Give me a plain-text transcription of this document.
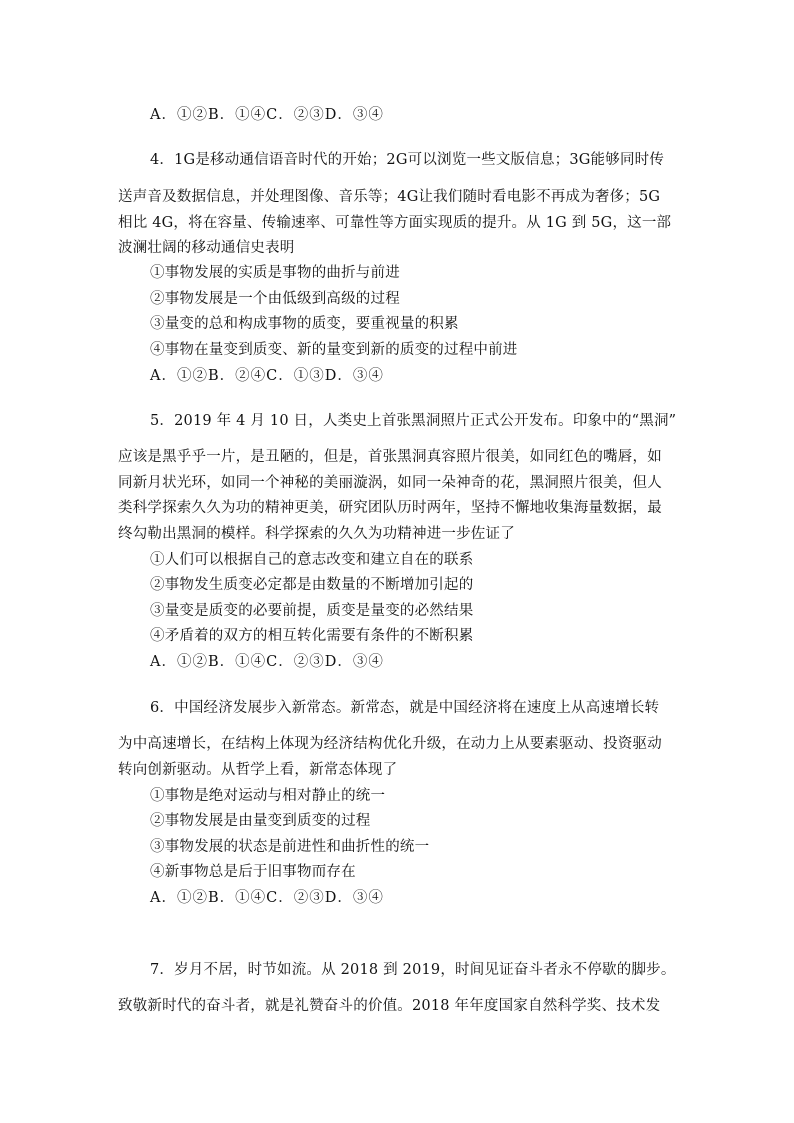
A．①②B．①④C．②③D．③④
4．1G是移动通信语音时代的开始；2G可以浏览一些文版信息；3G能够同时传
送声音及数据信息，并处理图像、音乐等；4G让我们随时看电影不再成为奢侈；5G
相比 4G，将在容量、传输速率、可靠性等方面实现质的提升。从 1G 到 5G，这一部
波澜壮阔的移动通信史表明
①事物发展的实质是事物的曲折与前进
②事物发展是一个由低级到高级的过程
③量变的总和构成事物的质变，要重视量的积累
④事物在量变到质变、新的量变到新的质变的过程中前进
A．①②B．②④C．①③D．③④
5．2019 年 4 月 10 日，人类史上首张黑洞照片正式公开发布。印象中的“黑洞”
应该是黑乎乎一片，是丑陋的，但是，首张黑洞真容照片很美，如同红色的嘴唇，如
同新月状光环，如同一个神秘的美丽漩涡，如同一朵神奇的花，黑洞照片很美，但人
类科学探索久久为功的精神更美，研究团队历时两年，坚持不懈地收集海量数据，最
终勾勒出黑洞的模样。科学探索的久久为功精神进一步佐证了
①人们可以根据自己的意志改变和建立自在的联系
②事物发生质变必定都是由数量的不断增加引起的
③量变是质变的必要前提，质变是量变的必然结果
④矛盾着的双方的相互转化需要有条件的不断积累
A．①②B．①④C．②③D．③④
6．中国经济发展步入新常态。新常态，就是中国经济将在速度上从高速增长转
为中高速增长，在结构上体现为经济结构优化升级，在动力上从要素驱动、投资驱动
转向创新驱动。从哲学上看，新常态体现了
①事物是绝对运动与相对静止的统一
②事物发展是由量变到质变的过程
③事物发展的状态是前进性和曲折性的统一
④新事物总是后于旧事物而存在
A．①②B．①④C．②③D．③④
7．岁月不居，时节如流。从 2018 到 2019，时间见证奋斗者永不停歇的脚步。
致敬新时代的奋斗者，就是礼赞奋斗的价值。2018 年年度国家自然科学奖、技术发
